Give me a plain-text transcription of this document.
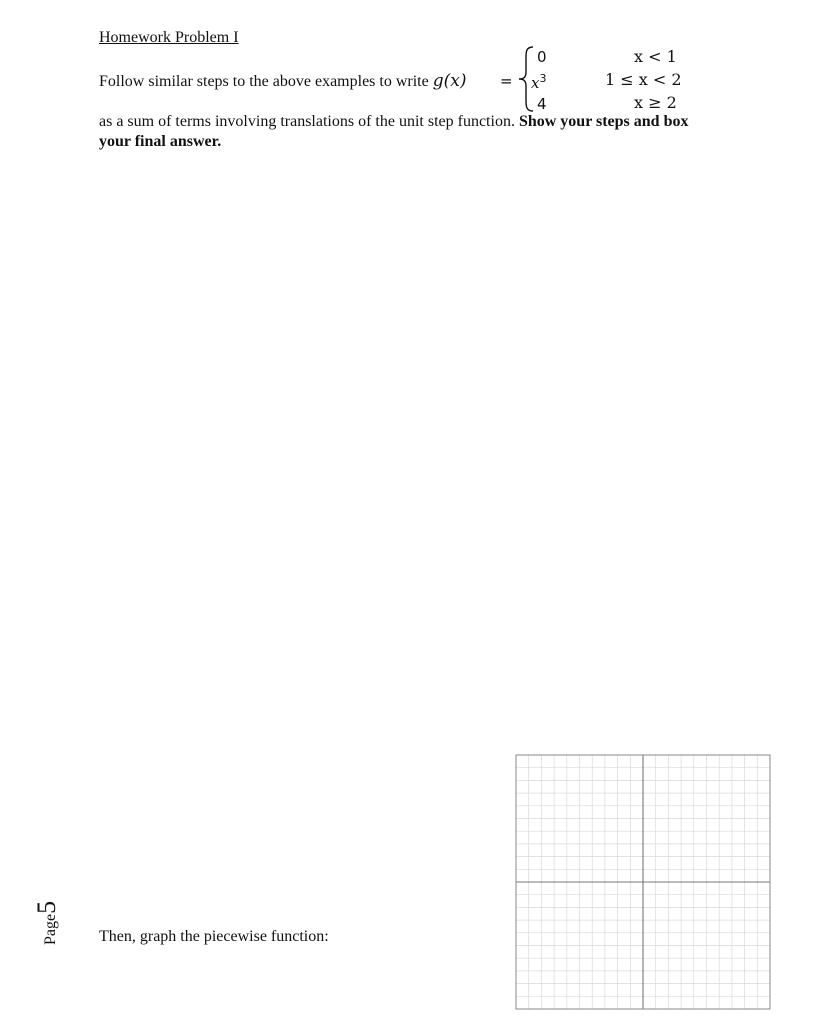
Homework Problem I
Follow similar steps to the above examples to write g(x) =
0	x < 1
$x^3$	1 ≤ x < 2
4	x ≥ 2
as a sum of terms involving translations of the unit step function. Show your steps and box your final answer.
Then, graph the piecewise function:
Page5
